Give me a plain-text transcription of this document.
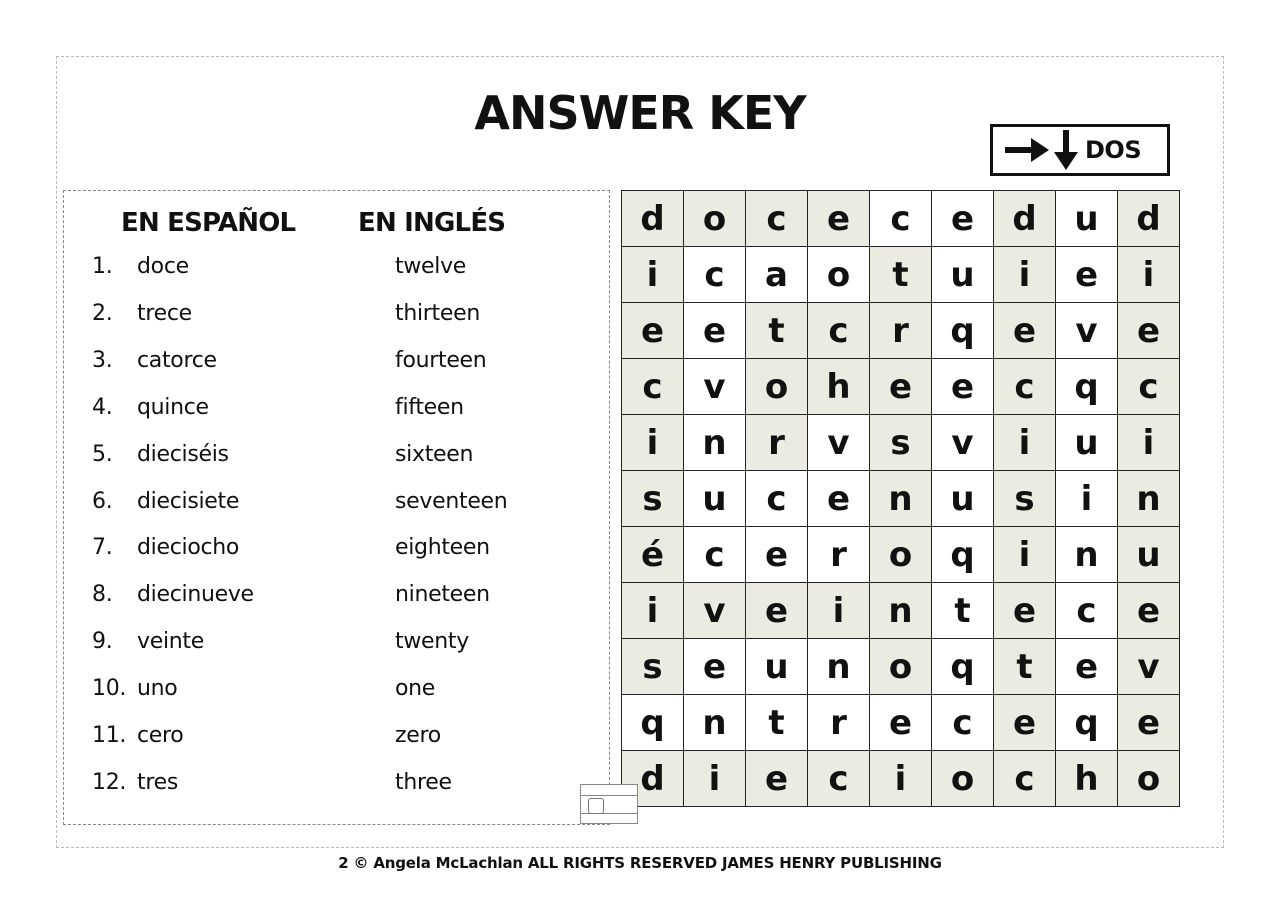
ANSWER KEY
DOS
EN ESPAÑOL EN INGLÉS
1. doce	twelve
2. trece	thirteen
3. catorce	fourteen
4. quince	fifteen
5. dieciséis	sixteen
6. diecisiete	seventeen
7. dieciocho	eighteen
8. diecinueve	nineteen
9. veinte	twenty
10. uno	one
11. cero	zero
12. tres	three
d	o	c	e	c	e	d	u	d
i	c	a	o	t	u	i	e	i
e	e	t	c	r	q	e	v	e
c	v	o	h	e	e	c	q	c
i	n	r	v	s	v	i	u	i
s	u	c	e	n	u	s	i	n
é	c	e	r	o	q	i	n	u
i	v	e	i	n	t	e	c	e
s	e	u	n	o	q	t	e	v
q	n	t	r	e	c	e	q	e
d	i	e	c	i	o	c	h	o
2 © Angela McLachlan ALL RIGHTS RESERVED JAMES HENRY PUBLISHING
